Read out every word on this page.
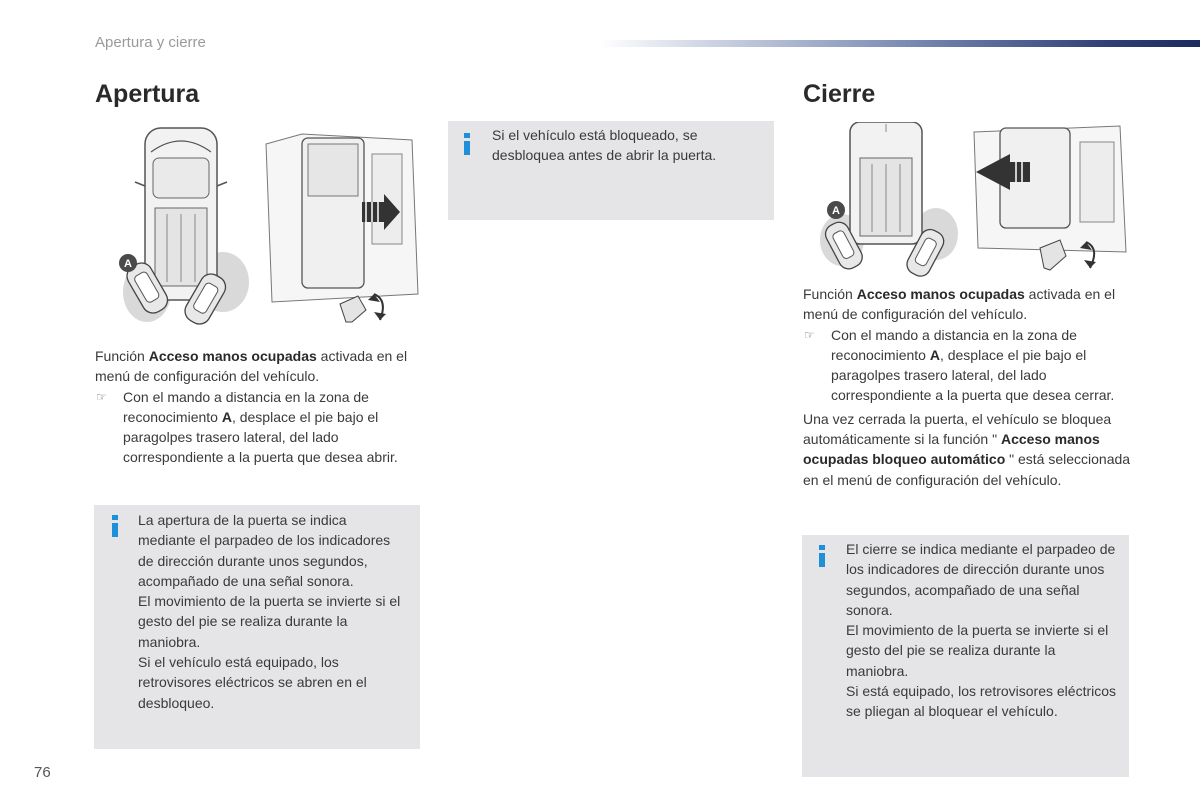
Apertura y cierre
Apertura
A
Función Acceso manos ocupadas activada en el menú de configuración del vehículo.
☞	Con el mando a distancia en la zona de reconocimiento A, desplace el pie bajo el paragolpes trasero lateral, del lado correspondiente a la puerta que desea abrir.
La apertura de la puerta se indica mediante el parpadeo de los indicadores de dirección durante unos segundos, acompañado de una señal sonora.
El movimiento de la puerta se invierte si el gesto del pie se realiza durante la maniobra.
Si el vehículo está equipado, los retrovisores eléctricos se abren en el desbloqueo.
Si el vehículo está bloqueado, se desbloquea antes de abrir la puerta.
Cierre
A
Función Acceso manos ocupadas activada en el menú de configuración del vehículo.
☞	Con el mando a distancia en la zona de reconocimiento A, desplace el pie bajo el paragolpes trasero lateral, del lado correspondiente a la puerta que desea cerrar.
Una vez cerrada la puerta, el vehículo se bloquea automáticamente si la función " Acceso manos ocupadas bloqueo automático " está seleccionada en el menú de configuración del vehículo.
El cierre se indica mediante el parpadeo de los indicadores de dirección durante unos segundos, acompañado de una señal sonora.
El movimiento de la puerta se invierte si el gesto del pie se realiza durante la maniobra.
Si está equipado, los retrovisores eléctricos se pliegan al bloquear el vehículo.
76
